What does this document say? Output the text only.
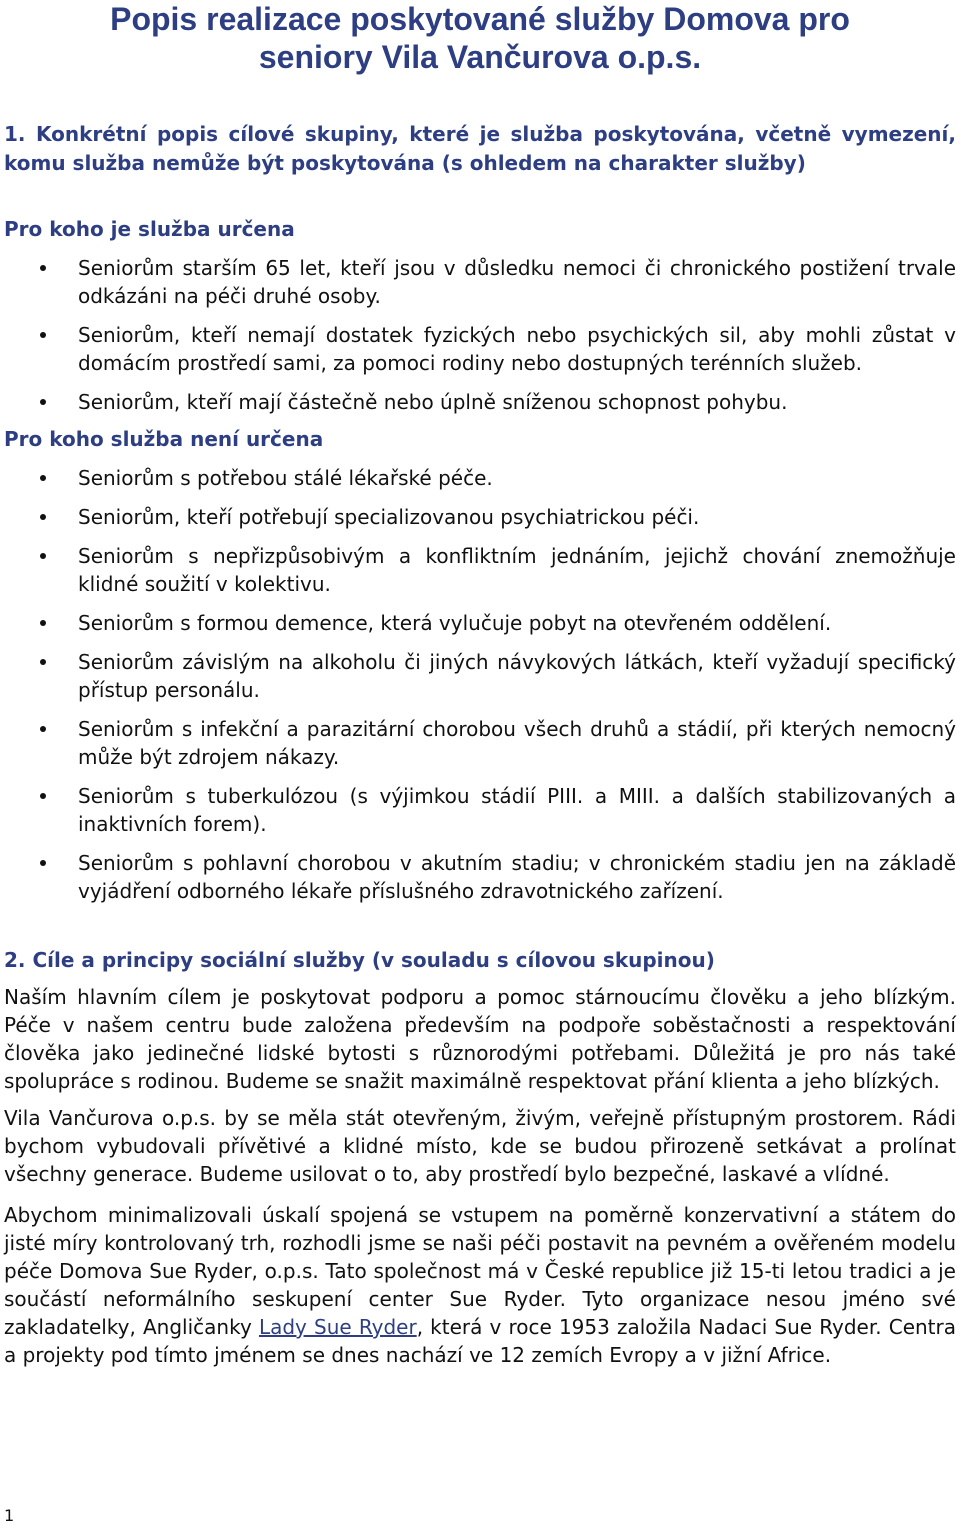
Popis realizace poskytované služby Domova pro seniory Vila Vančurova o.p.s.
1. Konkrétní popis cílové skupiny, které je služba poskytována, včetně vymezení, komu služba nemůže být poskytována (s ohledem na charakter služby)
Pro koho je služba určena
Seniorům starším 65 let, kteří jsou v důsledku nemoci či chronického postižení trvale odkázáni na péči druhé osoby.
Seniorům, kteří nemají dostatek fyzických nebo psychických sil, aby mohli zůstat v domácím prostředí sami, za pomoci rodiny nebo dostupných terénních služeb.
Seniorům, kteří mají částečně nebo úplně sníženou schopnost pohybu.
Pro koho služba není určena
Seniorům s potřebou stálé lékařské péče.
Seniorům, kteří potřebují specializovanou psychiatrickou péči.
Seniorům s nepřizpůsobivým a konfliktním jednáním, jejichž chování znemožňuje klidné soužití v kolektivu.
Seniorům s formou demence, která vylučuje pobyt na otevřeném oddělení.
Seniorům závislým na alkoholu či jiných návykových látkách, kteří vyžadují specifický přístup personálu.
Seniorům s infekční a parazitární chorobou všech druhů a stádií, při kterých nemocný může být zdrojem nákazy.
Seniorům s tuberkulózou (s výjimkou stádií PIII. a MIII. a dalších stabilizovaných a inaktivních forem).
Seniorům s pohlavní chorobou v akutním stadiu; v chronickém stadiu jen na základě vyjádření odborného lékaře příslušného zdravotnického zařízení.
2. Cíle a principy sociální služby (v souladu s cílovou skupinou)

Naším hlavním cílem je poskytovat podporu a pomoc stárnoucímu člověku a jeho blízkým. Péče v našem centru bude založena především na podpoře soběstačnosti a respektování člověka jako jedinečné lidské bytosti s různorodými potřebami. Důležitá je pro nás také spolupráce s rodinou. Budeme se snažit maximálně respektovat přání klienta a jeho blízkých.

Vila Vančurova o.p.s. by se měla stát otevřeným, živým, veřejně přístupným prostorem. Rádi bychom vybudovali přívětivé a klidné místo, kde se budou přirozeně setkávat a prolínat všechny generace. Budeme usilovat o to, aby prostředí bylo bezpečné, laskavé a vlídné.

Abychom minimalizovali úskalí spojená se vstupem na poměrně konzervativní a státem do jisté míry kontrolovaný trh, rozhodli jsme se naši péči postavit na pevném a ověřeném modelu péče Domova Sue Ryder, o.p.s. Tato společnost má v České republice již 15-ti letou tradici a je součástí neformálního seskupení center Sue Ryder. Tyto organizace nesou jméno své zakladatelky, Angličanky Lady Sue Ryder, která v roce 1953 založila Nadaci Sue Ryder. Centra a projekty pod tímto jménem se dnes nachází ve 12 zemích Evropy a v jižní Africe.

1
